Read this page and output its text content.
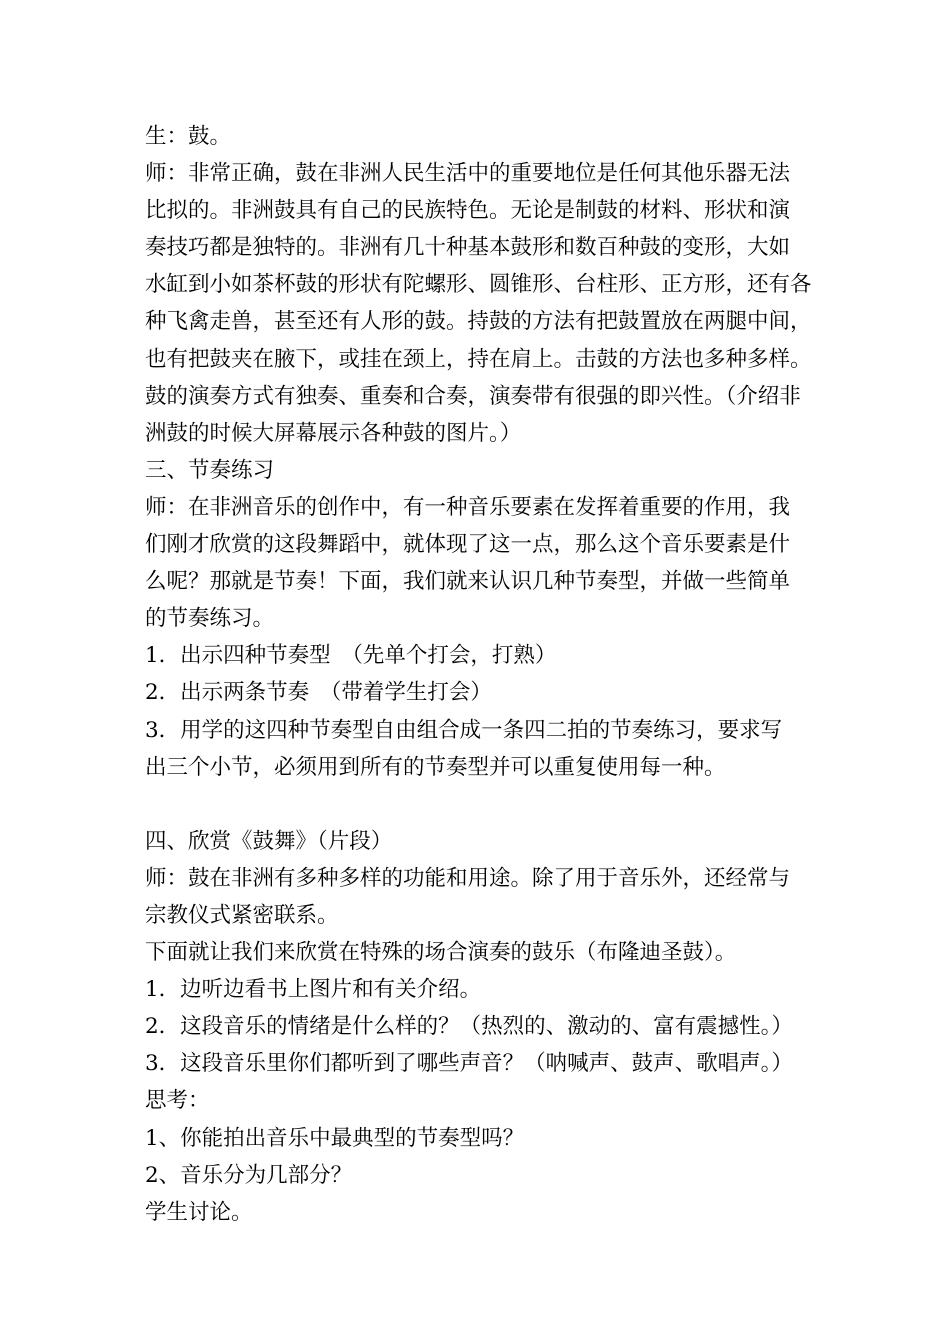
生：鼓。
师：非常正确，鼓在非洲人民生活中的重要地位是任何其他乐器无法
比拟的。非洲鼓具有自己的民族特色。无论是制鼓的材料、形状和演
奏技巧都是独特的。非洲有几十种基本鼓形和数百种鼓的变形，大如
水缸到小如茶杯鼓的形状有陀螺形、圆锥形、台柱形、正方形，还有各
种飞禽走兽，甚至还有人形的鼓。持鼓的方法有把鼓置放在两腿中间，
也有把鼓夹在腋下，或挂在颈上，持在肩上。击鼓的方法也多种多样。
鼓的演奏方式有独奏、重奏和合奏，演奏带有很强的即兴性。（介绍非
洲鼓的时候大屏幕展示各种鼓的图片。）
三、节奏练习
师：在非洲音乐的创作中，有一种音乐要素在发挥着重要的作用，我
们刚才欣赏的这段舞蹈中，就体现了这一点，那么这个音乐要素是什
么呢？那就是节奏！下面，我们就来认识几种节奏型，并做一些简单
的节奏练习。
1．出示四种节奏型　（先单个打会，打熟）
2．出示两条节奏　（带着学生打会）
3．用学的这四种节奏型自由组合成一条四二拍的节奏练习，要求写
出三个小节，必须用到所有的节奏型并可以重复使用每一种。
四、欣赏《鼓舞》（片段）
师：鼓在非洲有多种多样的功能和用途。除了用于音乐外，还经常与
宗教仪式紧密联系。
下面就让我们来欣赏在特殊的场合演奏的鼓乐（布隆迪圣鼓）。
1．边听边看书上图片和有关介绍。
2．这段音乐的情绪是什么样的？（热烈的、激动的、富有震撼性。）
3．这段音乐里你们都听到了哪些声音？（呐喊声、鼓声、歌唱声。）
思考：
1、你能拍出音乐中最典型的节奏型吗？
2、音乐分为几部分？
学生讨论。
